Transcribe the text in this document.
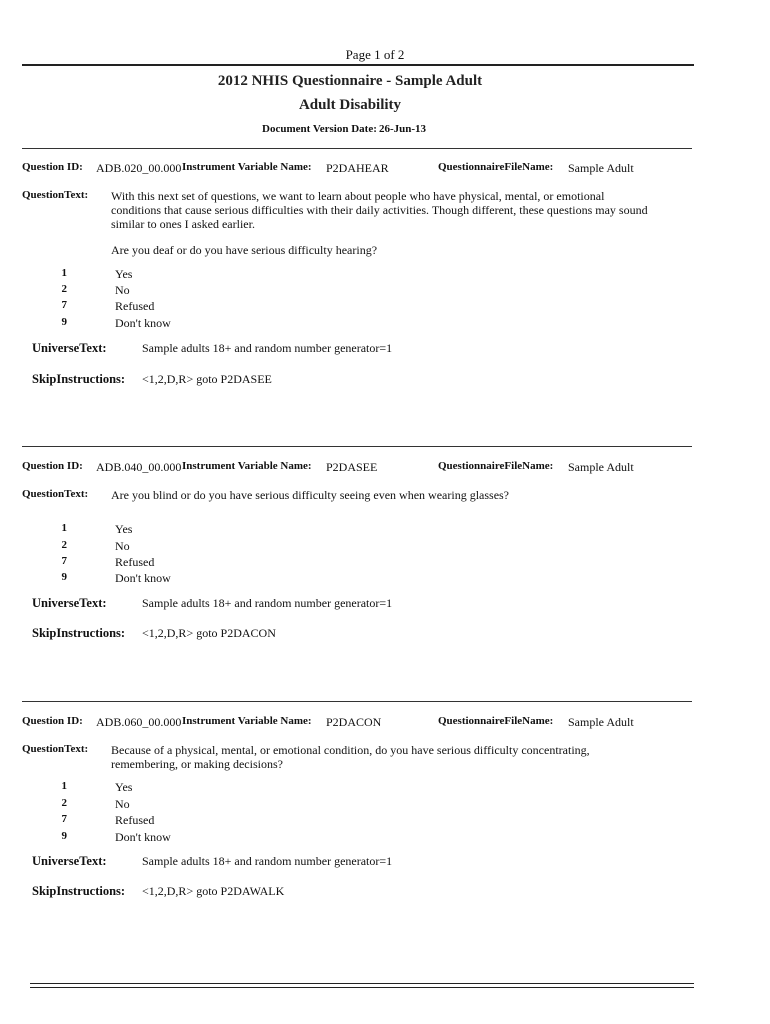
Page 1 of 2
2012 NHIS Questionnaire - Sample Adult
Adult Disability
Document Version Date: 26-Jun-13
Question ID: ADB.020_00.000 Instrument Variable Name: P2DAHEAR	QuestionnaireFileName: Sample Adult
QuestionText: With this next set of questions, we want to learn about people who have physical, mental, or emotional conditions that cause serious difficulties with their daily activities. Though different, these questions may sound similar to ones I asked earlier.
Are you deaf or do you have serious difficulty hearing?
1	Yes
2	No
7	Refused
9	Don't know
UniverseText:	Sample adults 18+ and random number generator=1
SkipInstructions: <1,2,D,R> goto P2DASEE
Question ID: ADB.040_00.000 Instrument Variable Name: P2DASEE	QuestionnaireFileName: Sample Adult
QuestionText: Are you blind or do you have serious difficulty seeing even when wearing glasses?
1	Yes
2	No
7	Refused
9	Don't know
UniverseText:	Sample adults 18+ and random number generator=1
SkipInstructions: <1,2,D,R> goto P2DACON
Question ID: ADB.060_00.000 Instrument Variable Name: P2DACON	QuestionnaireFileName: Sample Adult
QuestionText: Because of a physical, mental, or emotional condition, do you have serious difficulty concentrating, remembering, or making decisions?
1	Yes
2	No
7	Refused
9	Don't know
UniverseText:	Sample adults 18+ and random number generator=1
SkipInstructions: <1,2,D,R> goto P2DAWALK
